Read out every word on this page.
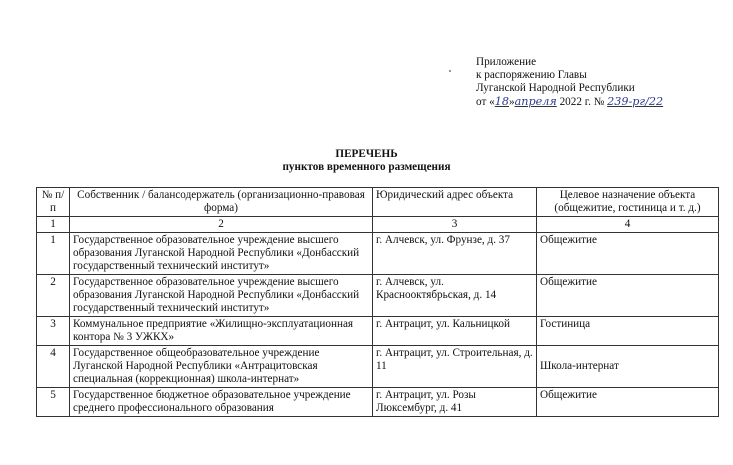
Приложение
к распоряжению Главы
Луганской Народной Республики
от «18»апреля 2022 г. № 239-рг/22
ПЕРЕЧЕНЬ
пунктов временного размещения
№ п/п	Собственник / балансодержатель (организационно-правовая форма)	Юридический адрес объекта	Целевое назначение объекта (общежитие, гостиница и т. д.)
1	2	3	4
1	Государственное образовательное учреждение высшего образования Луганской Народной Республики «Донбасский государственный технический институт»	г. Алчевск, ул. Фрунзе, д. 37	Общежитие
2	Государственное образовательное учреждение высшего образования Луганской Народной Республики «Донбасский государственный технический институт»	г. Алчевск, ул. Краснооктябрьская, д. 14	Общежитие
3	Коммунальное предприятие «Жилищно-эксплуатационная контора № 3 УЖКХ»	г. Антрацит, ул. Кальницкой	Гостиница
4	Государственное общеобразовательное учреждение Луганской Народной Республики «Антрацитовская специальная (коррекционная) школа-интернат»	г. Антрацит, ул. Строительная, д. 11	Школа-интернат
5	Государственное бюджетное образовательное учреждение среднего профессионального образования	г. Антрацит, ул. Розы Люксембург, д. 41	Общежитие
